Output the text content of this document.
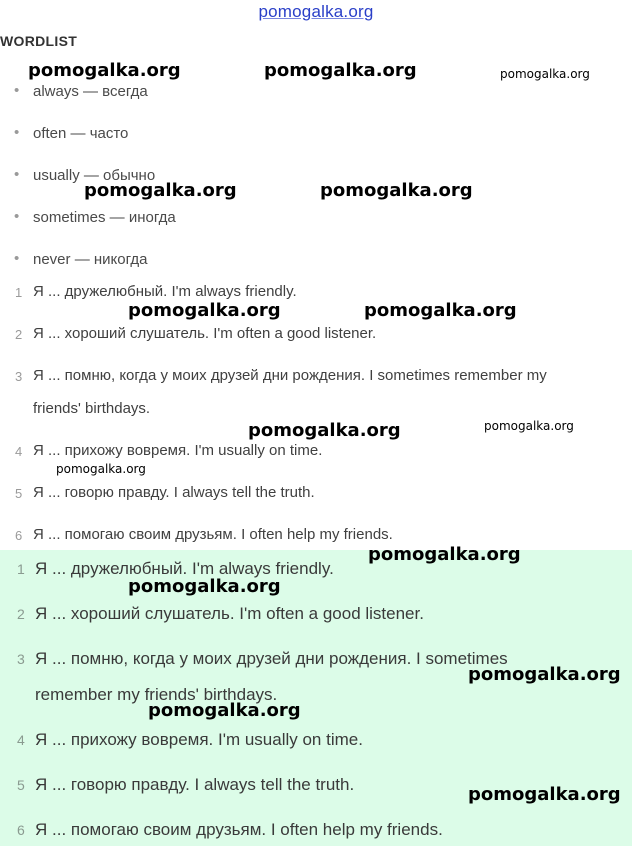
pomogalka.org
WORDLIST
• always — всегда
• often — часто
• usually — обычно
• sometimes — иногда
• never — никогда
1 Я ... дружелюбный. I'm always friendly.
2 Я ... хороший слушатель. I'm often a good listener.
3 Я ... помню, когда у моих друзей дни рождения. I sometimes remember my
friends' birthdays.
4 Я ... прихожу вовремя. I'm usually on time.
5 Я ... говорю правду. I always tell the truth.
6 Я ... помогаю своим друзьям. I often help my friends.
1 Я ... дружелюбный. I'm always friendly.
2 Я ... хороший слушатель. I'm often a good listener.
3 Я ... помню, когда у моих друзей дни рождения. I sometimes
remember my friends' birthdays.
4 Я ... прихожу вовремя. I'm usually on time.
5 Я ... говорю правду. I always tell the truth.
6 Я ... помогаю своим друзьям. I often help my friends.
pomogalka.org	pomogalka.org	pomogalka.org
pomogalka.org	pomogalka.org
pomogalka.org	pomogalka.org
pomogalka.org	pomogalka.org
pomogalka.org
pomogalka.org
pomogalka.org
pomogalka.org
pomogalka.org
pomogalka.org
